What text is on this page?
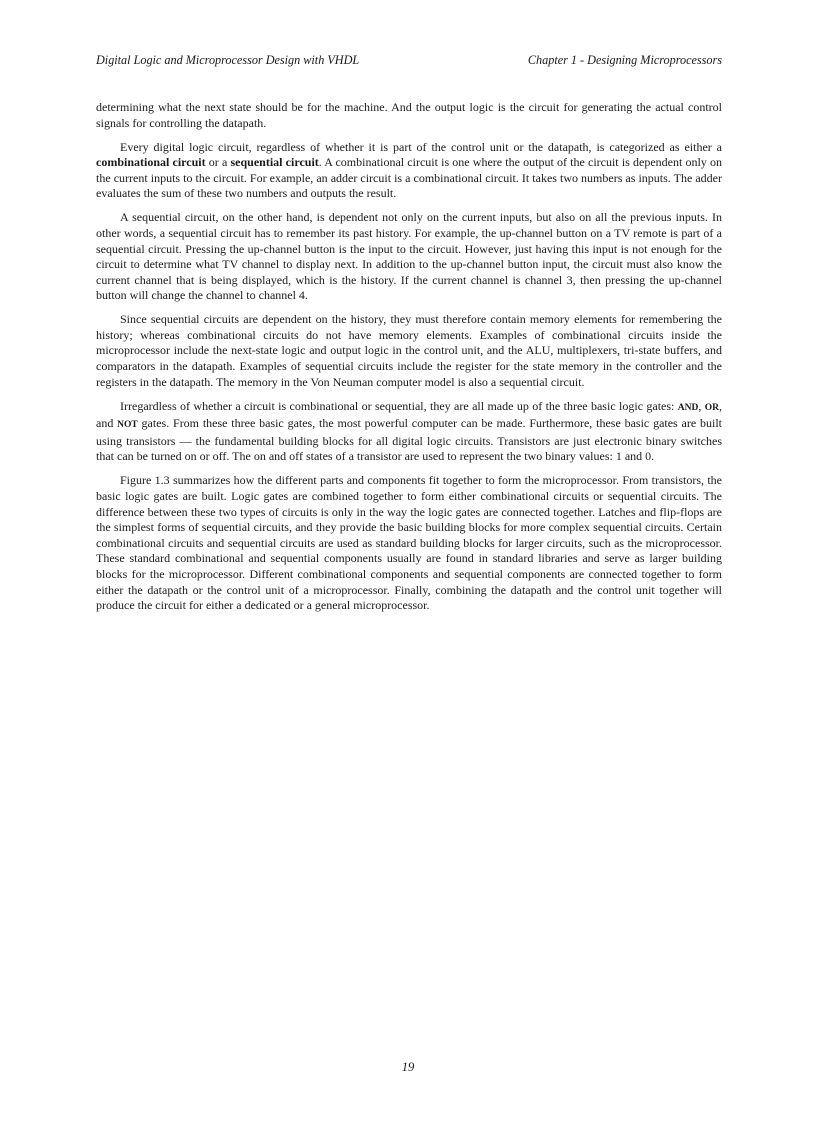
Digital Logic and Microprocessor Design with VHDL	Chapter 1 - Designing Microprocessors

determining what the next state should be for the machine. And the output logic is the circuit for generating the actual control signals for controlling the datapath.

Every digital logic circuit, regardless of whether it is part of the control unit or the datapath, is categorized as either a combinational circuit or a sequential circuit. A combinational circuit is one where the output of the circuit is dependent only on the current inputs to the circuit. For example, an adder circuit is a combinational circuit. It takes two numbers as inputs. The adder evaluates the sum of these two numbers and outputs the result.

A sequential circuit, on the other hand, is dependent not only on the current inputs, but also on all the previous inputs. In other words, a sequential circuit has to remember its past history. For example, the up-channel button on a TV remote is part of a sequential circuit. Pressing the up-channel button is the input to the circuit. However, just having this input is not enough for the circuit to determine what TV channel to display next. In addition to the up-channel button input, the circuit must also know the current channel that is being displayed, which is the history. If the current channel is channel 3, then pressing the up-channel button will change the channel to channel 4.

Since sequential circuits are dependent on the history, they must therefore contain memory elements for remembering the history; whereas combinational circuits do not have memory elements. Examples of combinational circuits inside the microprocessor include the next-state logic and output logic in the control unit, and the ALU, multiplexers, tri-state buffers, and comparators in the datapath. Examples of sequential circuits include the register for the state memory in the controller and the registers in the datapath. The memory in the Von Neuman computer model is also a sequential circuit.

Irregardless of whether a circuit is combinational or sequential, they are all made up of the three basic logic gates: AND, OR, and NOT gates. From these three basic gates, the most powerful computer can be made. Furthermore, these basic gates are built using transistors — the fundamental building blocks for all digital logic circuits. Transistors are just electronic binary switches that can be turned on or off. The on and off states of a transistor are used to represent the two binary values: 1 and 0.

Figure 1.3 summarizes how the different parts and components fit together to form the microprocessor. From transistors, the basic logic gates are built. Logic gates are combined together to form either combinational circuits or sequential circuits. The difference between these two types of circuits is only in the way the logic gates are connected together. Latches and flip-flops are the simplest forms of sequential circuits, and they provide the basic building blocks for more complex sequential circuits. Certain combinational circuits and sequential circuits are used as standard building blocks for larger circuits, such as the microprocessor. These standard combinational and sequential components usually are found in standard libraries and serve as larger building blocks for the microprocessor. Different combinational components and sequential components are connected together to form either the datapath or the control unit of a microprocessor. Finally, combining the datapath and the control unit together will produce the circuit for either a dedicated or a general microprocessor.

19
